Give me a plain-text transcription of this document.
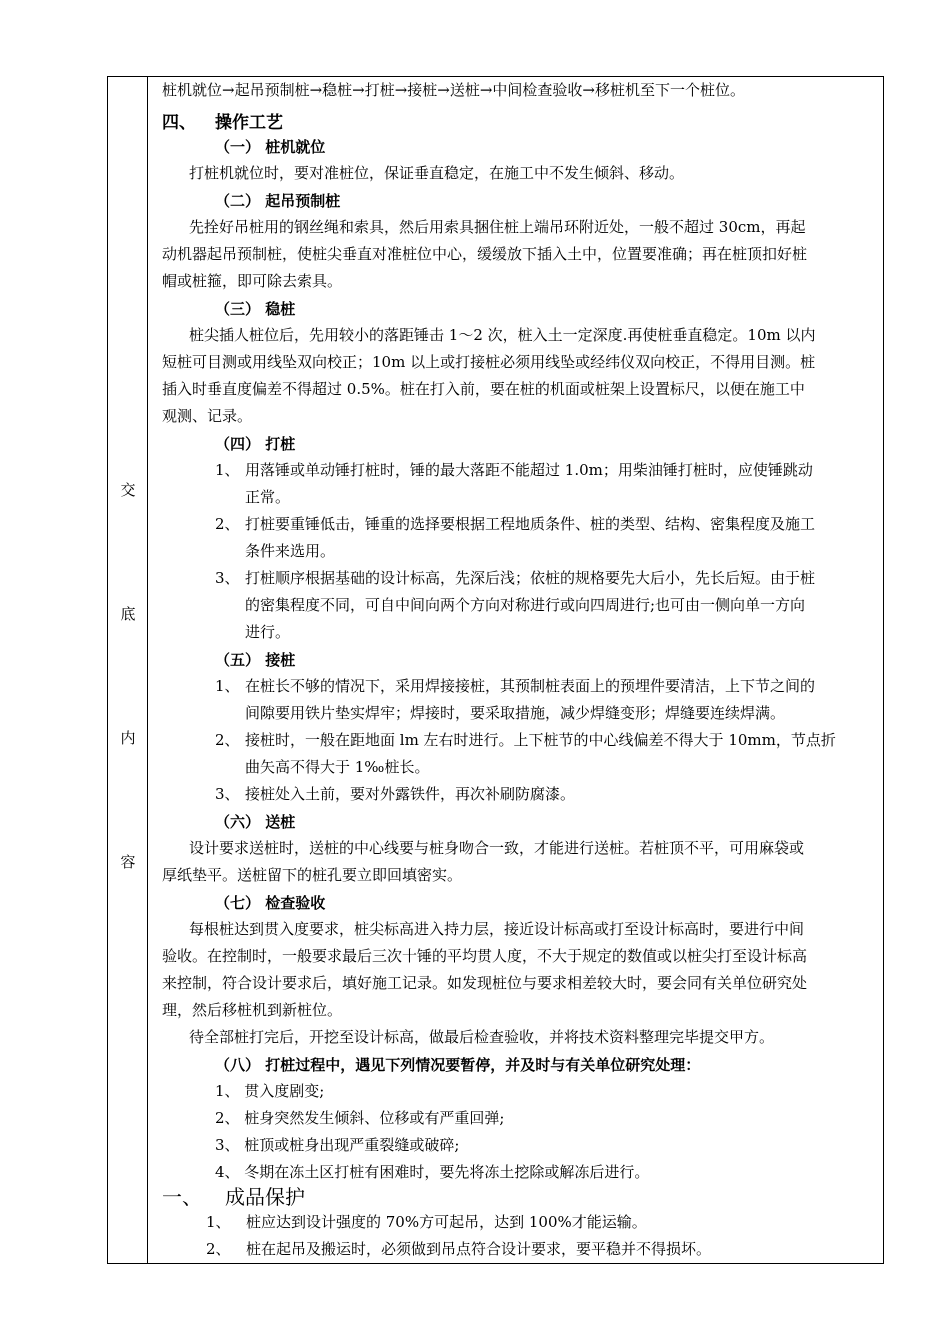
交
底
内
容
桩机就位→起吊预制桩→稳桩→打桩→接桩→送桩→中间检查验收→移桩机至下一个桩位。
四、 操作工艺
（一） 桩机就位
打桩机就位时，要对准桩位，保证垂直稳定，在施工中不发生倾斜、移动。
（二） 起吊预制桩
先拴好吊桩用的钢丝绳和索具，然后用索具捆住桩上端吊环附近处，一般不超过 30cm，再起
动机器起吊预制桩，使桩尖垂直对准桩位中心，缓缓放下插入土中，位置要准确；再在桩顶扣好桩
帽或桩箍，即可除去索具。
（三） 稳桩
桩尖插人桩位后，先用较小的落距锤击 1～2 次，桩入土一定深度.再使桩垂直稳定。10m 以内
短桩可目测或用线坠双向校正；10m 以上或打接桩必须用线坠或经纬仪双向校正，不得用目测。桩
插入时垂直度偏差不得超过 0.5%。桩在打入前，要在桩的机面或桩架上设置标尺，以便在施工中
观测、记录。
（四） 打桩
1、 用落锤或单动锤打桩时，锤的最大落距不能超过 1.0m；用柴油锤打桩时，应使锤跳动
正常。
2、 打桩要重锤低击，锤重的选择要根据工程地质条件、桩的类型、结构、密集程度及施工
条件来选用。
3、 打桩顺序根据基础的设计标高，先深后浅；依桩的规格要先大后小，先长后短。由于桩
的密集程度不同，可自中间向两个方向对称进行或向四周进行;也可由一侧向单一方向
进行。
（五） 接桩
1、 在桩长不够的情况下，采用焊接接桩，其预制桩表面上的预埋件要清洁，上下节之间的
间隙要用铁片垫实焊牢；焊接时，要采取措施，减少焊缝变形；焊缝要连续焊满。
2、 接桩时，一般在距地面 lm 左右时进行。上下桩节的中心线偏差不得大于 10mm，节点折
曲矢高不得大于 1‰桩长。
3、 接桩处入土前，要对外露铁件，再次补刷防腐漆。
（六） 送桩
设计要求送桩时，送桩的中心线要与桩身吻合一致，才能进行送桩。若桩顶不平，可用麻袋或
厚纸垫平。送桩留下的桩孔要立即回填密实。
（七） 检查验收
每根桩达到贯入度要求，桩尖标高进入持力层，接近设计标高或打至设计标高时，要进行中间
验收。在控制时，一般要求最后三次十锤的平均贯人度，不大于规定的数值或以桩尖打至设计标高
来控制，符合设计要求后，填好施工记录。如发现桩位与要求相差较大时，要会同有关单位研究处
理，然后移桩机到新桩位。
待全部桩打完后，开挖至设计标高，做最后检查验收，并将技术资料整理完毕提交甲方。
（八） 打桩过程中，遇见下列情况要暂停，并及时与有关单位研究处理：
1、 贯入度剧变;
2、 桩身突然发生倾斜、位移或有严重回弹;
3、 桩顶或桩身出现严重裂缝或破碎;
4、 冬期在冻土区打桩有困难时，要先将冻土挖除或解冻后进行。
一、 成品保护
1、 桩应达到设计强度的 70%方可起吊，达到 100%才能运输。
2、 桩在起吊及搬运时，必须做到吊点符合设计要求，要平稳并不得损坏。
